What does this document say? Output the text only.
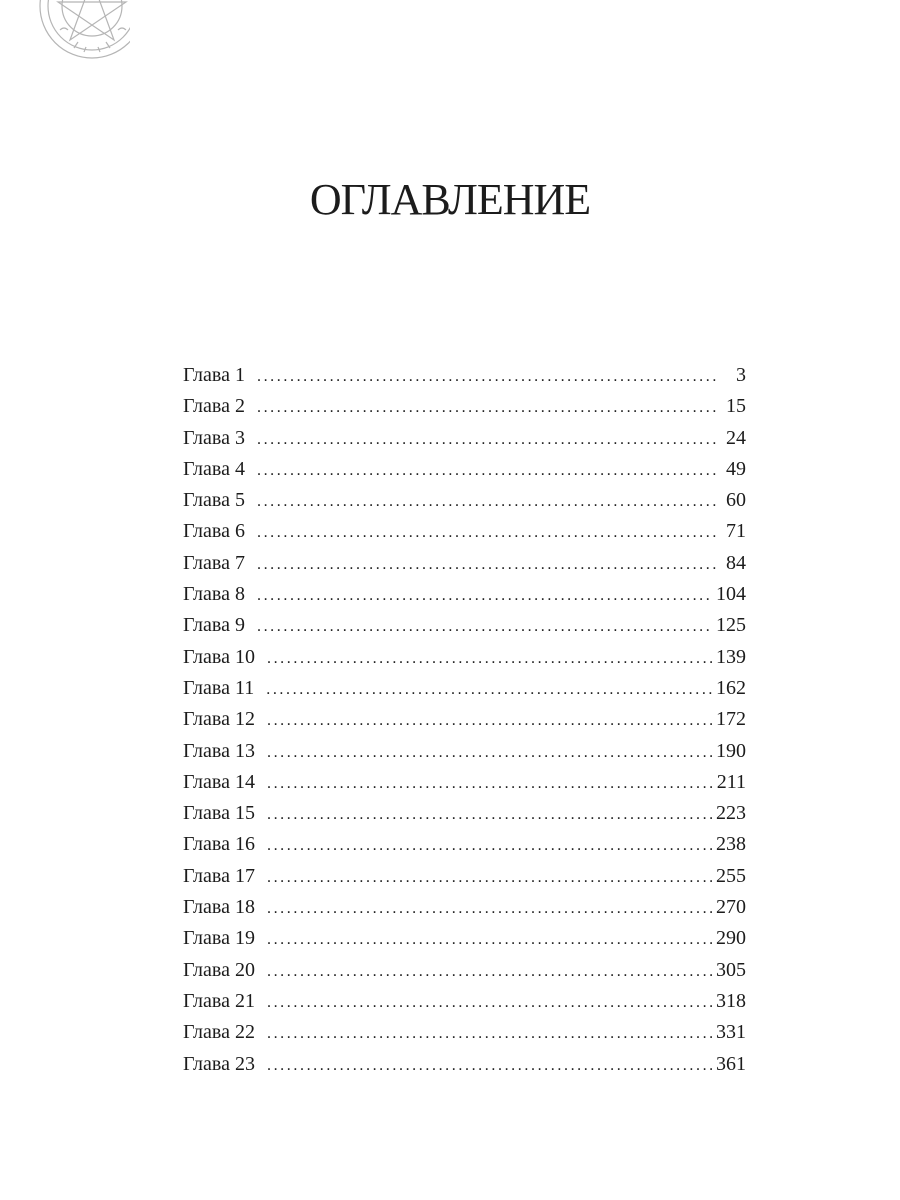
ОГЛАВЛЕНИЕ
Глава 1 .....	3
Глава 2 .....	15
Глава 3 .....	24
Глава 4 .....	49
Глава 5 .....	60
Глава 6 .....	71
Глава 7 .....	84
Глава 8 .....	104
Глава 9 .....	125
Глава 10 .....	139
Глава 11 .....	162
Глава 12 .....	172
Глава 13 .....	190
Глава 14 .....	211
Глава 15 .....	223
Глава 16 .....	238
Глава 17 .....	255
Глава 18 .....	270
Глава 19 .....	290
Глава 20 .....	305
Глава 21 .....	318
Глава 22 .....	331
Глава 23 .....	361
